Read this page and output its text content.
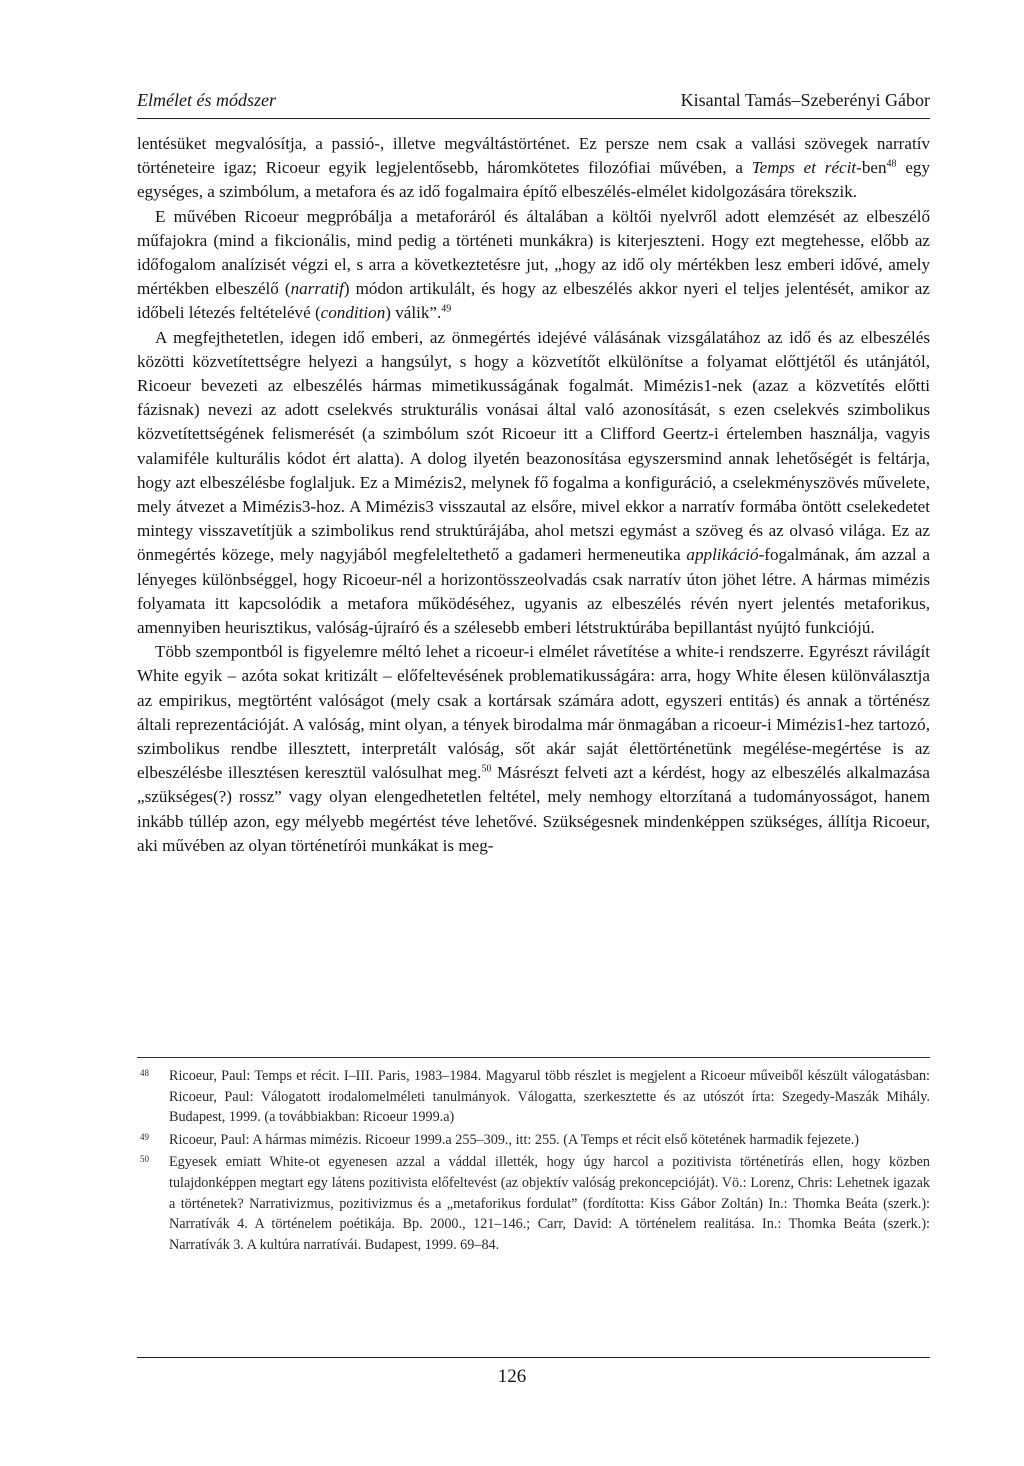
Elmélet és módszer	Kisantal Tamás–Szeberényi Gábor

lentésüket megvalósítja, a passió-, illetve megváltástörténet. Ez persze nem csak a vallási szövegek narratív történeteire igaz; Ricoeur egyik legjelentősebb, háromkötetes filozófiai művében, a Temps et récit-ben$^{48}$ egy egységes, a szimbólum, a metafora és az idő fogalmaira építő elbeszélés-elmélet kidolgozására törekszik.

E művében Ricoeur megpróbálja a metaforáról és általában a költői nyelvről adott elemzését az elbeszélő műfajokra (mind a fikcionális, mind pedig a történeti munkákra) is kiterjeszteni. Hogy ezt megtehesse, előbb az időfogalom analízisét végzi el, s arra a következtetésre jut, „hogy az idő oly mértékben lesz emberi idővé, amely mértékben elbeszélő (narratif) módon artikulált, és hogy az elbeszélés akkor nyeri el teljes jelentését, amikor az időbeli létezés feltételévé (condition) válik”.$^{49}$

A megfejthetetlen, idegen idő emberi, az önmegértés idejévé válásának vizsgálatához az idő és az elbeszélés közötti közvetítettségre helyezi a hangsúlyt, s hogy a közvetítőt elkülönítse a folyamat előttjétől és utánjától, Ricoeur bevezeti az elbeszélés hármas mimetikusságának fogalmát. Mimézis1-nek (azaz a közvetítés előtti fázisnak) nevezi az adott cselekvés strukturális vonásai által való azonosítását, s ezen cselekvés szimbolikus közvetítettségének felismerését (a szimbólum szót Ricoeur itt a Clifford Geertz-i értelemben használja, vagyis valamiféle kulturális kódot ért alatta). A dolog ilyetén beazonosítása egyszersmind annak lehetőségét is feltárja, hogy azt elbeszélésbe foglaljuk. Ez a Mimézis2, melynek fő fogalma a konfiguráció, a cselekményszövés művelete, mely átvezet a Mimézis3-hoz. A Mimézis3 visszautal az elsőre, mivel ekkor a narratív formába öntött cselekedetet mintegy visszavetítjük a szimbolikus rend struktúrájába, ahol metszi egymást a szöveg és az olvasó világa. Ez az önmegértés közege, mely nagyjából megfeleltethető a gadameri hermeneutika applikáció-fogalmának, ám azzal a lényeges különbséggel, hogy Ricoeur-nél a horizontösszeolvadás csak narratív úton jöhet létre. A hármas mimézis folyamata itt kapcsolódik a metafora működéséhez, ugyanis az elbeszélés révén nyert jelentés metaforikus, amennyiben heurisztikus, valóság-újraíró és a szélesebb emberi létstruktúrába bepillantást nyújtó funkciójú.

Több szempontból is figyelemre méltó lehet a ricoeur-i elmélet rávetítése a white-i rendszerre. Egyrészt rávilágít White egyik – azóta sokat kritizált – előfeltevésének problematikusságára: arra, hogy White élesen különválasztja az empirikus, megtörtént valóságot (mely csak a kortársak számára adott, egyszeri entitás) és annak a történész általi reprezentációját. A valóság, mint olyan, a tények birodalma már önmagában a ricoeur-i Mimézis1-hez tartozó, szimbolikus rendbe illesztett, interpretált valóság, sőt akár saját élettörténetünk megélése-megértése is az elbeszélésbe illesztésen keresztül valósulhat meg.$^{50}$ Másrészt felveti azt a kérdést, hogy az elbeszélés alkalmazása „szükséges(?) rossz” vagy olyan elengedhetetlen feltétel, mely nemhogy eltorzítaná a tudományosságot, hanem inkább túllép azon, egy mélyebb megértést téve lehetővé. Szükségesnek mindenképpen szükséges, állítja Ricoeur, aki művében az olyan történetírói munkákat is meg-

48 Ricoeur, Paul: Temps et récit. I–III. Paris, 1983–1984. Magyarul több részlet is megjelent a Ricoeur műveiből készült válogatásban: Ricoeur, Paul: Válogatott irodalomelméleti tanulmányok. Válogatta, szerkesztette és az utószót írta: Szegedy-Maszák Mihály. Budapest, 1999. (a továbbiakban: Ricoeur 1999.a)
49 Ricoeur, Paul: A hármas mimézis. Ricoeur 1999.a 255–309., itt: 255. (A Temps et récit első kötetének harmadik fejezete.)
50 Egyesek emiatt White-ot egyenesen azzal a váddal illették, hogy úgy harcol a pozitivista történetírás ellen, hogy közben tulajdonképpen megtart egy látens pozitivista előfeltevést (az objektív valóság prekoncepcióját). Vö.: Lorenz, Chris: Lehetnek igazak a történetek? Narrativizmus, pozitivizmus és a „metaforikus fordulat” (fordította: Kiss Gábor Zoltán) In.: Thomka Beáta (szerk.): Narratívák 4. A történelem poétikája. Bp. 2000., 121–146.; Carr, David: A történelem realitása. In.: Thomka Beáta (szerk.): Narratívák 3. A kultúra narratívái. Budapest, 1999. 69–84.
126
